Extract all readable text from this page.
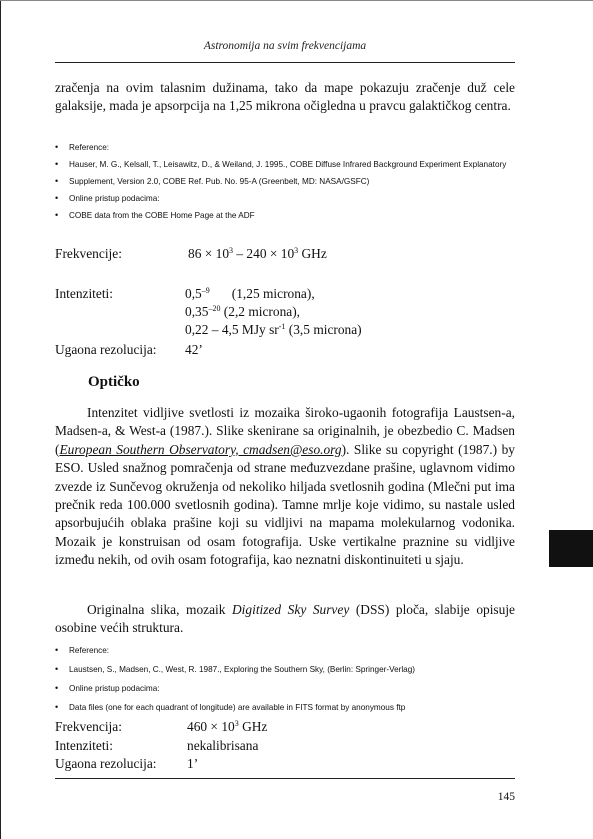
Astronomija na svim frekvencijama

zračenja na ovim talasnim dužinama, tako da mape pokazuju zračenje duž cele galaksije, mada je apsorpcija na 1,25 mikrona očigledna u pravcu galaktičkog centra.

• Reference:
• Hauser, M. G., Kelsall, T., Leisawitz, D., & Weiland, J. 1995., COBE Diffuse Infrared Background Experiment Explanatory
• Supplement, Version 2.0, COBE Ref. Pub. No. 95-A (Greenbelt, MD: NASA/GSFC)
• Online pristup podacima:
• COBE data from the COBE Home Page at the ADF
Frekvencije:	$86 \times 10^3 - 240 \times 10^3$ GHz
Intenziteti:	$0,5^{-9}$ (1,25 microna),
$0,35^{-20}$ (2,2 microna),
0,22 – 4,5 MJy $sr^{-1}$ (3,5 microna)
Ugaona rezolucija: 42’
Optičko

Intenzitet vidljive svetlosti iz mozaika široko-ugaonih fotografija Laustsen-a, Madsen-a, & West-a (1987.). Slike skenirane sa originalnih, je obezbedio C. Madsen (European Southern Observatory, cmadsen@eso.org). Slike su copyright (1987.) by ESO. Usled snažnog pomračenja od strane međuzvezdane prašine, uglavnom vidimo zvezde iz Sunčevog okruženja od nekoliko hiljada svetlosnih godina (Mlečni put ima prečnik reda 100.000 svetlosnih godina). Tamne mrlje koje vidimo, su nastale usled apsorbujućih oblaka prašine koji su vidljivi na mapama molekularnog vodonika. Mozaik je konstruisan od osam fotografija. Uske vertikalne praznine su vidljive između nekih, od ovih osam fotografija, kao neznatni diskontinuiteti u sjaju.

Originalna slika, mozaik Digitized Sky Survey (DSS) ploča, slabije opisuje osobine većih struktura.

• Reference:
• Laustsen, S., Madsen, C., West, R. 1987., Exploring the Southern Sky, (Berlin: Springer-Verlag)
• Online pristup podacima:
• Data files (one for each quadrant of longitude) are available in FITS format by anonymous ftp
Frekvencija:	$460 \times 10^3$ GHz
Intenziteti:	nekalibrisana
Ugaona rezolucija: 1’
145
